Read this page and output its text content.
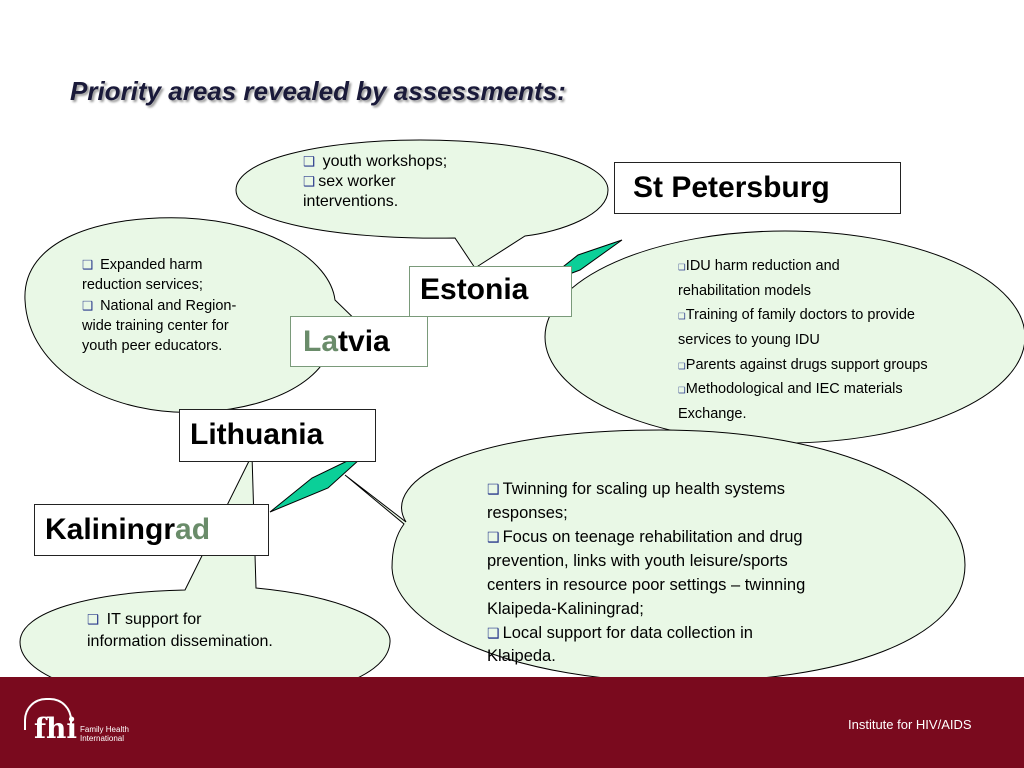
Priority areas revealed by assessments:
St Petersburg
Estonia
Latvia
Lithuania
Kaliningrad
❑ youth workshops;
❑ sex worker
interventions.
❑ Expanded harm
reduction services;
❑ National and Region-
wide training center for
youth peer educators.
❑IDU harm reduction and
rehabilitation models
❑Training of family doctors to provide
services to young IDU
❑Parents against drugs support groups
❑Methodological and IEC materials
Exchange.
❑ Twinning for scaling up health systems
responses;
❑ Focus on teenage rehabilitation and drug
prevention, links with youth leisure/sports
centers in resource poor settings – twinning
Klaipeda-Kaliningrad;
❑ Local support for data collection in
Klaipeda.
❑ IT support for
information dissemination.
fhi Family Health
International
Institute for HIV/AIDS
